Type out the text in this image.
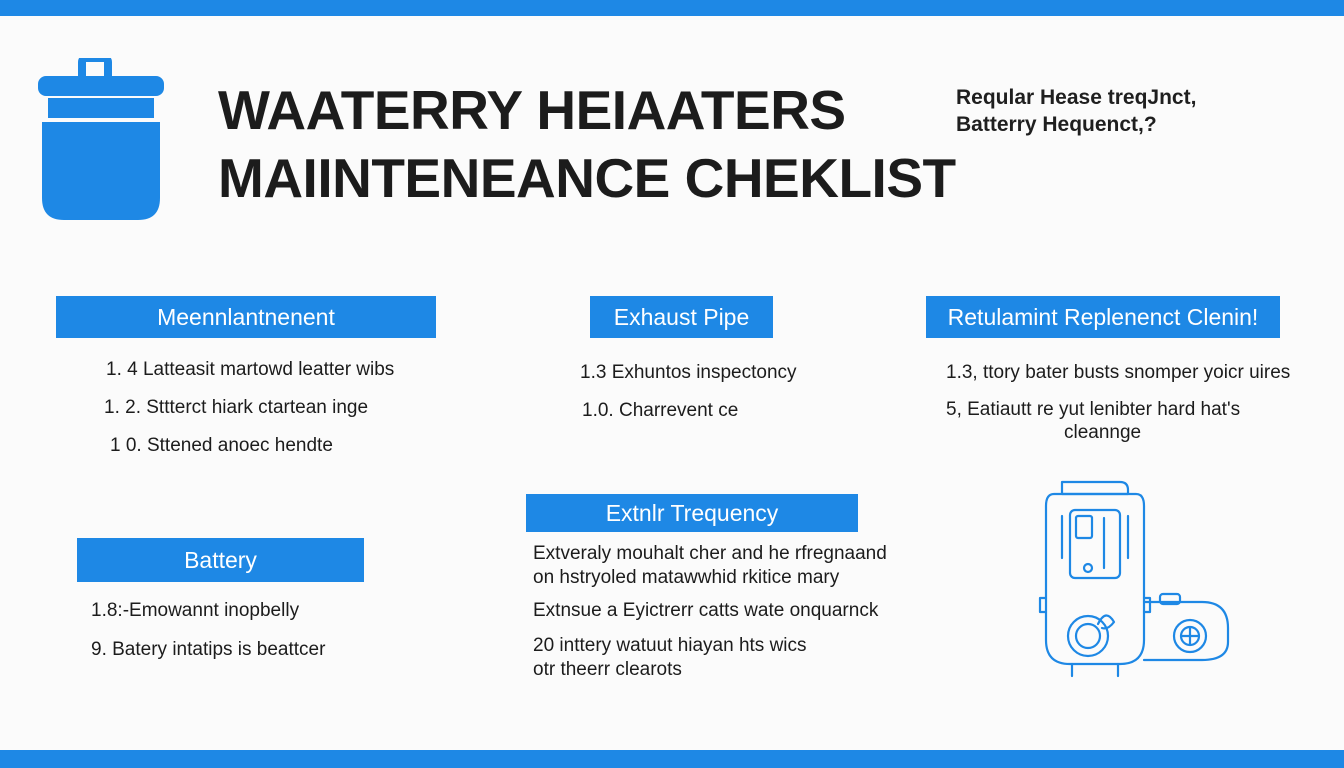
WAATERRY HEIAATERS
MAIINTENEANCE CHEKLIST
Reqular Hease treqJnct,
Batterry Hequenct,?
Meennlantnenent
1. 4 Latteasit martowd leatter wibs
1. 2. Sttterct hiark ctartean inge
1 0. Sttened anoec hendte
Exhaust Pipe
1.3 Exhuntos inspectoncy
1.0. Charrevent ce
Retulamint Replenenct Clenin!
1.3, ttory bater busts snomper yoicr uires
5, Eatiautt re yut lenibter hard hat's
cleannge
Extnlr Trequency
Extveraly mouhalt cher and he rfregnaand
on hstryoled matawwhid rkitice mary
Extnsue a Eyictrerr catts wate onquarnck
20 inttery watuut hiayan hts wics
otr theerr clearots
Battery
1.8:-Emowannt inopbelly
9. Batery intatips is beattcer
